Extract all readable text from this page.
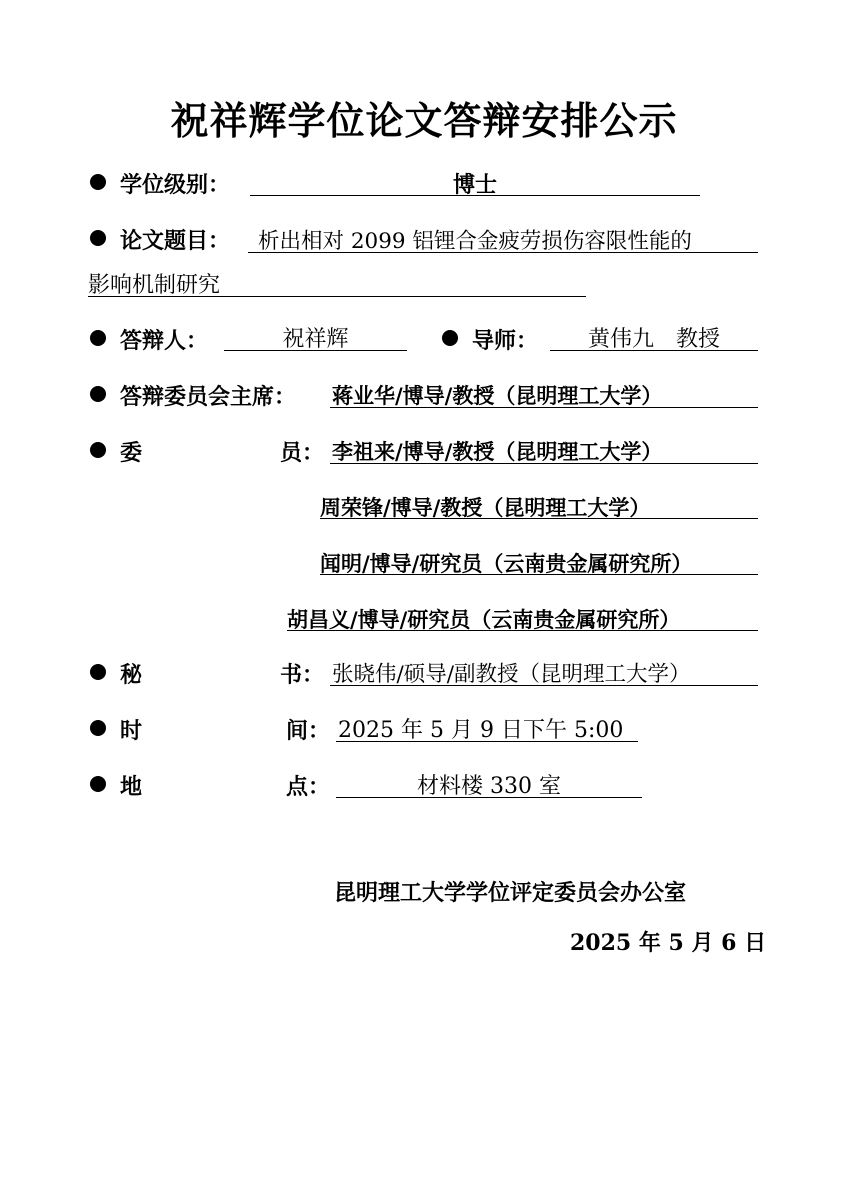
祝祥辉学位论文答辩安排公示
学位级别：	博士
论文题目： 析出相对 2099 铝锂合金疲劳损伤容限性能的
影响机制研究
答辩人：	祝祥辉	导师：	黄伟九　教授
答辩委员会主席： 蒋业华/博导/教授（昆明理工大学）
委	员： 李祖来/博导/教授（昆明理工大学）
周荣锋/博导/教授（昆明理工大学）
闻明/博导/研究员（云南贵金属研究所）
胡昌义/博导/研究员（云南贵金属研究所）
秘	书： 张晓伟/硕导/副教授（昆明理工大学）
时	间： 2025 年 5 月 9 日下午 5:00
地	点：	材料楼 330 室
昆明理工大学学位评定委员会办公室
2025 年 5 月 6 日
